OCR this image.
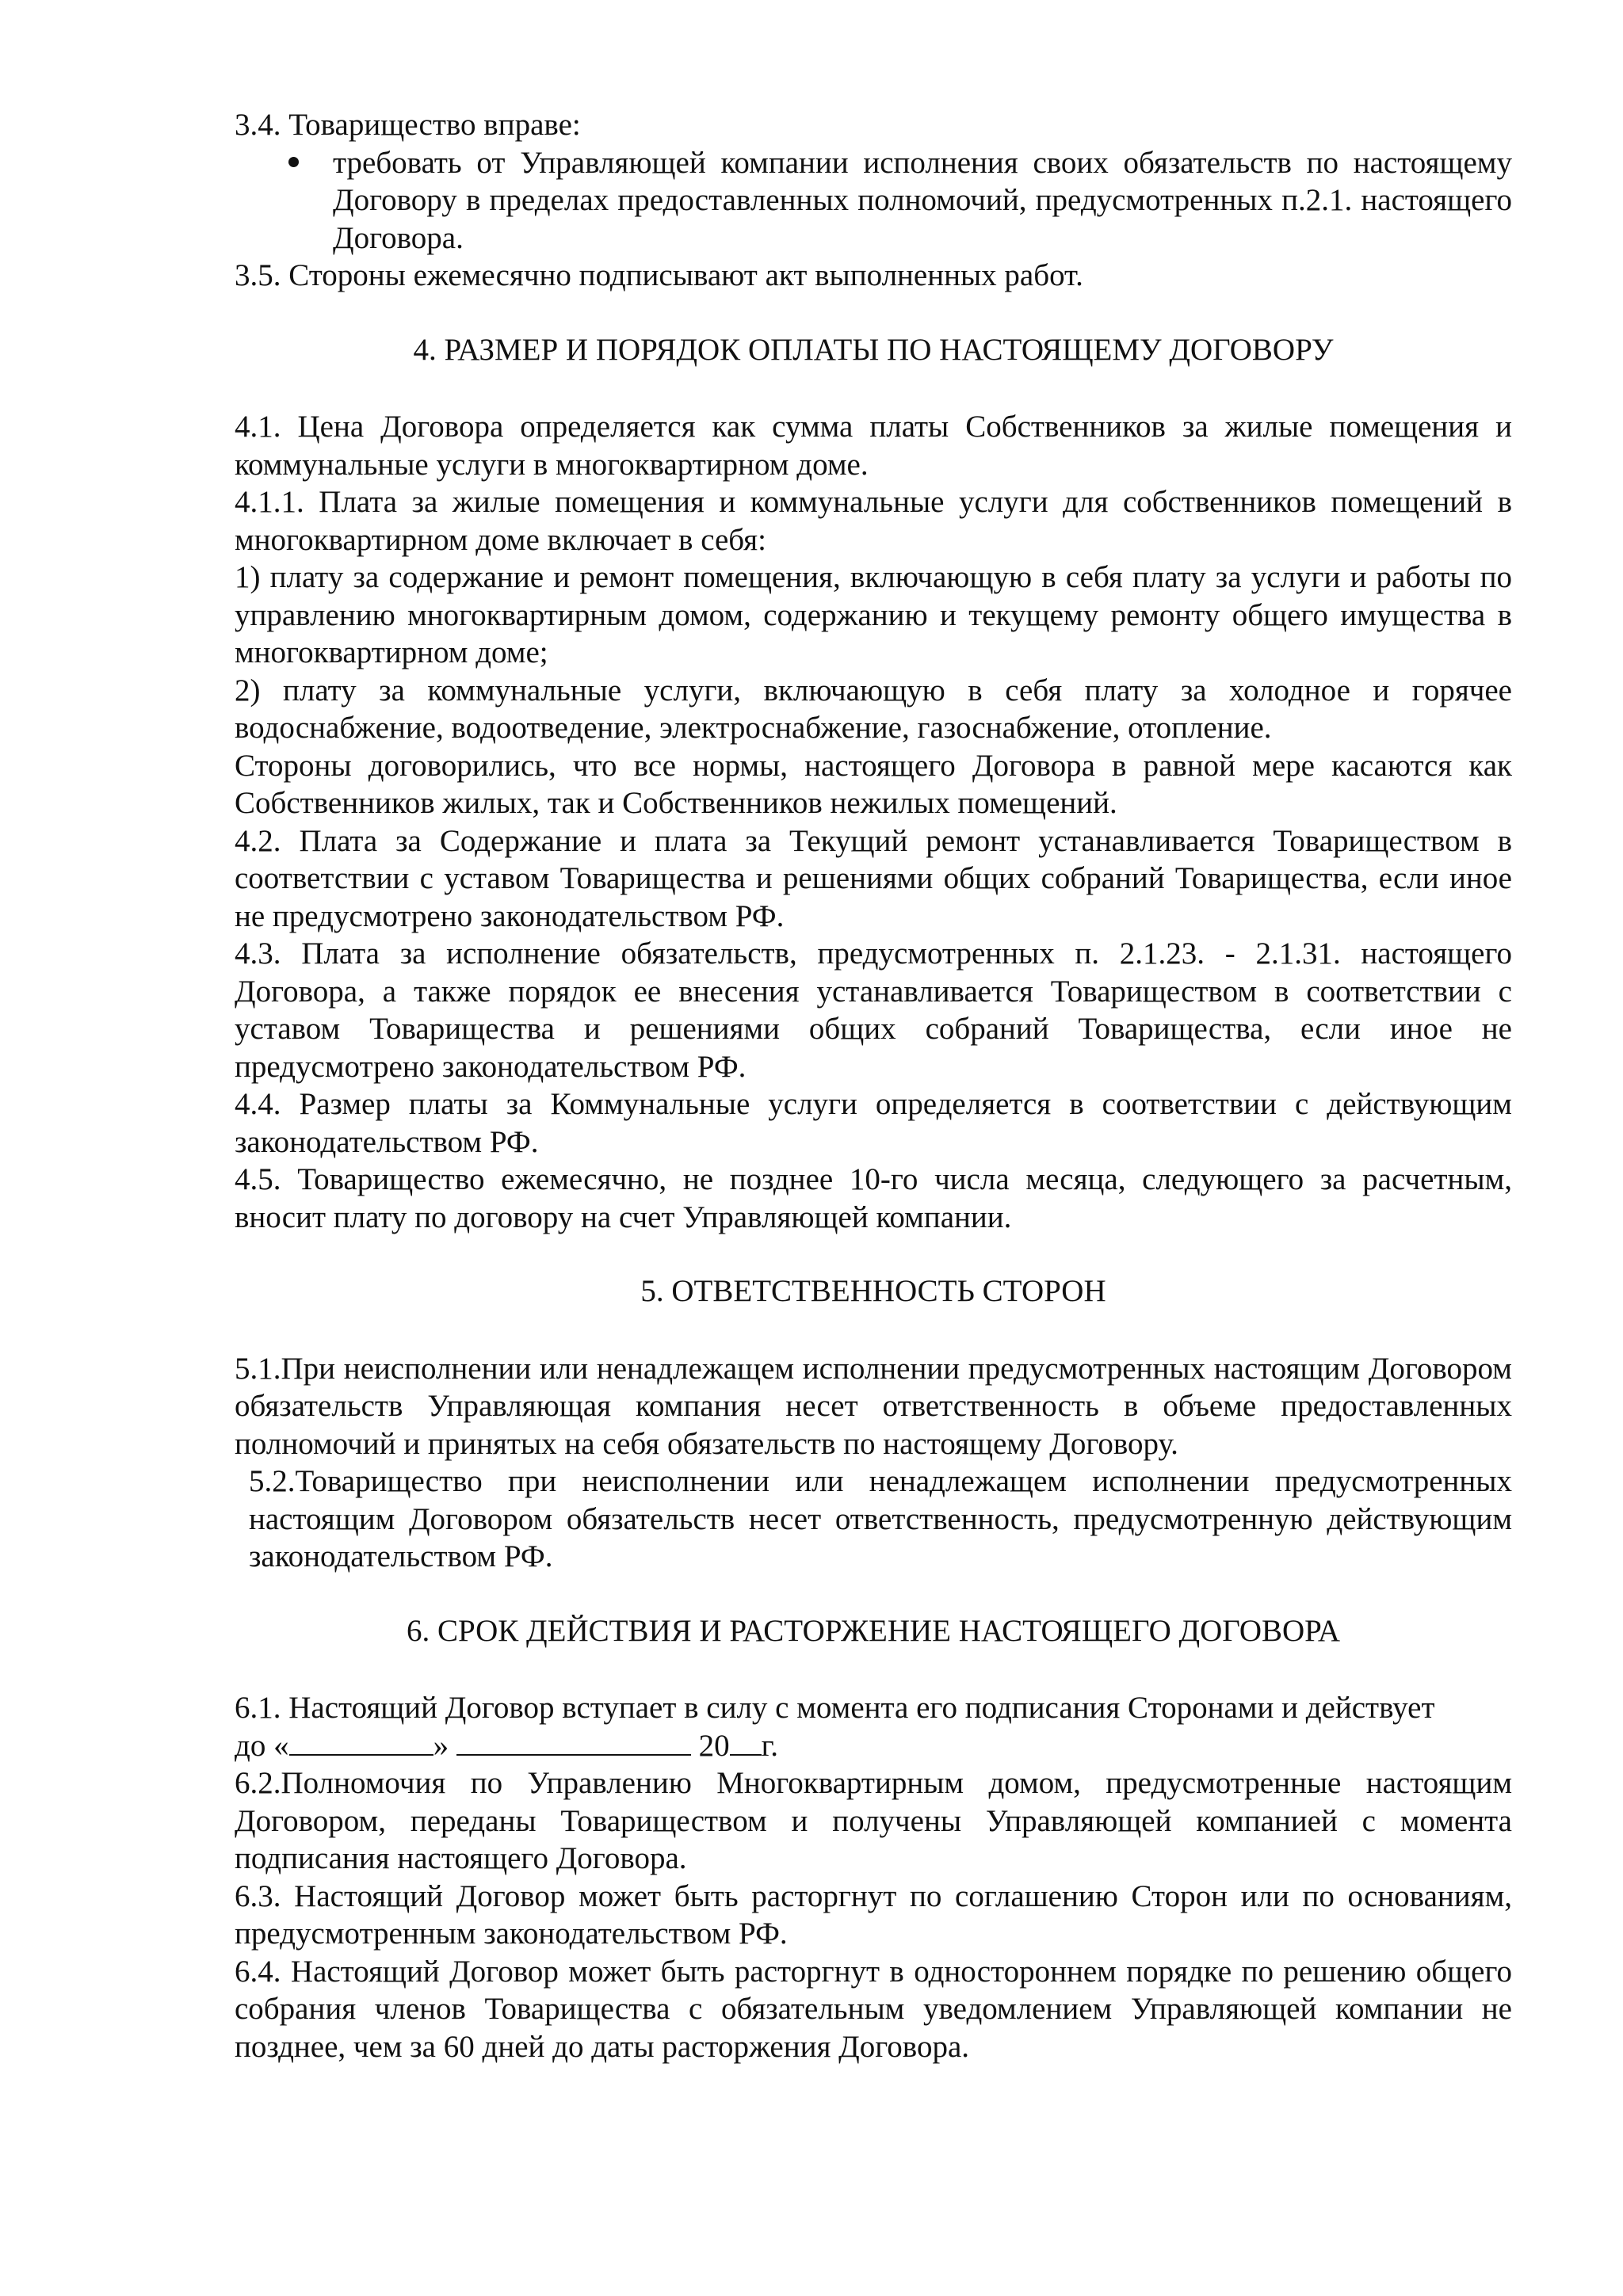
3.4. Товарищество вправе:

требовать от Управляющей компании исполнения своих обязательств по настоящему Договору в пределах предоставленных полномочий, предусмотренных п.2.1. настоящего Договора.

3.5. Стороны ежемесячно подписывают акт выполненных работ.

4. РАЗМЕР И ПОРЯДОК ОПЛАТЫ ПО НАСТОЯЩЕМУ ДОГОВОРУ

4.1. Цена Договора определяется как сумма платы Собственников за жилые помещения и коммунальные услуги в многоквартирном доме.

4.1.1. Плата за жилые помещения и коммунальные услуги для собственников помещений в многоквартирном доме включает в себя:

1) плату за содержание и ремонт помещения, включающую в себя плату за услуги и работы по управлению многоквартирным домом, содержанию и текущему ремонту общего имущества в многоквартирном доме;

2) плату за коммунальные услуги, включающую в себя плату за холодное и горячее водоснабжение, водоотведение, электроснабжение, газоснабжение, отопление.

Стороны договорились, что все нормы, настоящего Договора в равной мере касаются как Собственников жилых, так и Собственников нежилых помещений.

4.2. Плата за Содержание и плата за Текущий ремонт устанавливается Товариществом в соответствии с уставом Товарищества и решениями общих собраний Товарищества, если иное не предусмотрено законодательством РФ.

4.3. Плата за исполнение обязательств, предусмотренных п. 2.1.23. - 2.1.31. настоящего Договора, а также порядок ее внесения устанавливается Товариществом в соответствии с уставом Товарищества и решениями общих собраний Товарищества, если иное не предусмотрено законодательством РФ.

4.4. Размер платы за Коммунальные услуги определяется в соответствии с действующим законодательством РФ.

4.5. Товарищество ежемесячно, не позднее 10-го числа месяца, следующего за расчетным, вносит плату по договору на счет Управляющей компании.

5. ОТВЕТСТВЕННОСТЬ СТОРОН

5.1.При неисполнении или ненадлежащем исполнении предусмотренных настоящим Договором обязательств Управляющая компания несет ответственность в объеме предоставленных полномочий и принятых на себя обязательств по настоящему Договору.

5.2.Товарищество при неисполнении или ненадлежащем исполнении предусмотренных настоящим Договором обязательств несет ответственность, предусмотренную действующим законодательством РФ.

6. СРОК ДЕЙСТВИЯ И РАСТОРЖЕНИЕ НАСТОЯЩЕГО ДОГОВОРА

6.1. Настоящий Договор вступает в силу с момента его подписания Сторонами и действует
до «	»	20 г.

6.2.Полномочия по Управлению Многоквартирным домом, предусмотренные настоящим Договором, переданы Товариществом и получены Управляющей компанией с момента подписания настоящего Договора.

6.3. Настоящий Договор может быть расторгнут по соглашению Сторон или по основаниям, предусмотренным законодательством РФ.

6.4. Настоящий Договор может быть расторгнут в одностороннем порядке по решению общего собрания членов Товарищества с обязательным уведомлением Управляющей компании не позднее, чем за 60 дней до даты расторжения Договора.
